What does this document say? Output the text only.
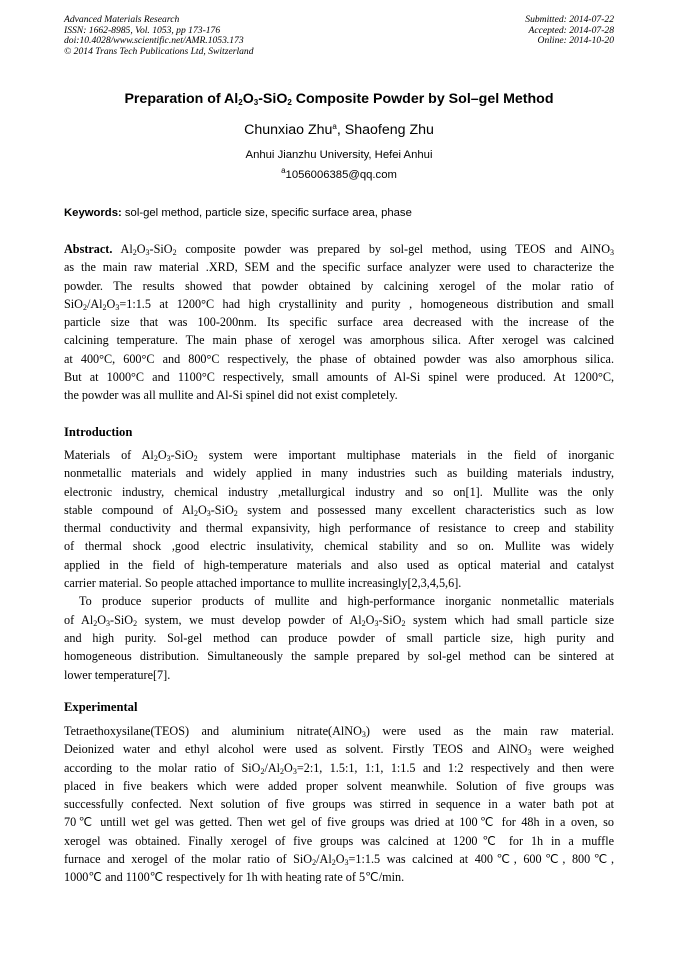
Advanced Materials Research
ISSN: 1662-8985, Vol. 1053, pp 173-176
doi:10.4028/www.scientific.net/AMR.1053.173
© 2014 Trans Tech Publications Ltd, Switzerland
Submitted: 2014-07-22
Accepted: 2014-07-28
Online: 2014-10-20
Preparation of $Al_2O_3-SiO_2$ Composite Powder by Sol–gel Method
Chunxiao Zhu$^a$, Shaofeng Zhu
Anhui Jianzhu University, Hefei Anhui
$^a$1056006385@qq.com
Keywords: sol-gel method, particle size, specific surface area, phase
Abstract. $Al_2O_3-SiO_2$ composite powder was prepared by sol-gel method, using TEOS and AlNO$_3$
as the main raw material .XRD, SEM and the specific surface analyzer were used to characterize the
powder. The results showed that powder obtained by calcining xerogel of the molar ratio of
$SiO_2/Al_2O_3=1:1.5$ at 1200°C had high crystallinity and purity , homogeneous distribution and small
particle size that was 100-200nm. Its specific surface area decreased with the increase of the
calcining temperature. The main phase of xerogel was amorphous silica. After xerogel was calcined
at 400°C, 600°C and 800°C respectively, the phase of obtained powder was also amorphous silica.
But at 1000°C and 1100°C respectively, small amounts of Al-Si spinel were produced. At 1200°C,
the powder was all mullite and Al-Si spinel did not exist completely.
Introduction
Materials of $Al_2O_3-SiO_2$ system were important multiphase materials in the field of inorganic
nonmetallic materials and widely applied in many industries such as building materials industry,
electronic industry, chemical industry ,metallurgical industry and so on[1]. Mullite was the only
stable compound of $Al_2O_3-SiO_2$ system and possessed many excellent characteristics such as low
thermal conductivity and thermal expansivity, high performance of resistance to creep and stability
of thermal shock ,good electric insulativity, chemical stability and so on. Mullite was widely
applied in the field of high-temperature materials and also used as optical material and catalyst
carrier material. So people attached importance to mullite increasingly[2,3,4,5,6].
To produce superior products of mullite and high-performance inorganic nonmetallic materials
of $Al_2O_3-SiO_2$ system, we must develop powder of $Al_2O_3-SiO_2$ system which had small particle size
and high purity. Sol-gel method can produce powder of small particle size, high purity and
homogeneous distribution. Simultaneously the sample prepared by sol-gel method can be sintered at
lower temperature[7].
Experimental
Tetraethoxysilane(TEOS) and aluminium nitrate(AlNO$_3$) were used as the main raw material.
Deionized water and ethyl alcohol were used as solvent. Firstly TEOS and AlNO$_3$ were weighed
according to the molar ratio of $SiO_2/Al_2O_3=2:1$, 1.5:1, 1:1, 1:1.5 and 1:2 respectively and then were
placed in five beakers which were added proper solvent meanwhile. Solution of five groups was
successfully confected. Next solution of five groups was stirred in sequence in a water bath pot at
70℃ untill wet gel was getted. Then wet gel of five groups was dried at 100℃ for 48h in a oven, so
xerogel was obtained. Finally xerogel of five groups was calcined at 1200℃ for 1h in a muffle
furnace and xerogel of the molar ratio of $SiO_2/Al_2O_3=1:1.5$ was calcined at 400℃, 600℃, 800℃,
1000℃ and 1100℃ respectively for 1h with heating rate of 5℃/min.
